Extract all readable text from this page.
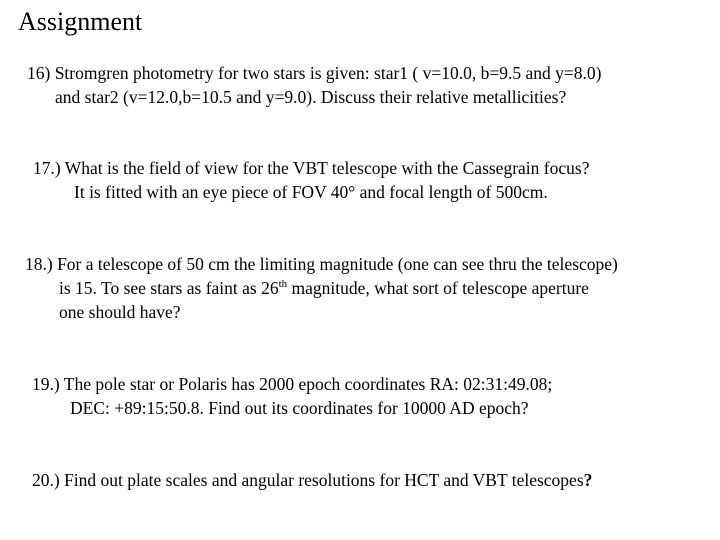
Assignment
16) Stromgren photometry for two stars is given: star1 ( v=10.0, b=9.5 and y=8.0)
and star2 (v=12.0,b=10.5 and y=9.0). Discuss their relative metallicities?
17.) What is the field of view for the VBT telescope with the Cassegrain focus?
It is fitted with an eye piece of FOV 40° and focal length of 500cm.
18.) For a telescope of 50 cm the limiting magnitude (one can see thru the telescope)
is 15. To see stars as faint as 26th magnitude, what sort of telescope aperture
one should have?
19.) The pole star or Polaris has 2000 epoch coordinates RA: 02:31:49.08;
DEC: +89:15:50.8. Find out its coordinates for 10000 AD epoch?
20.) Find out plate scales and angular resolutions for HCT and VBT telescopes?
